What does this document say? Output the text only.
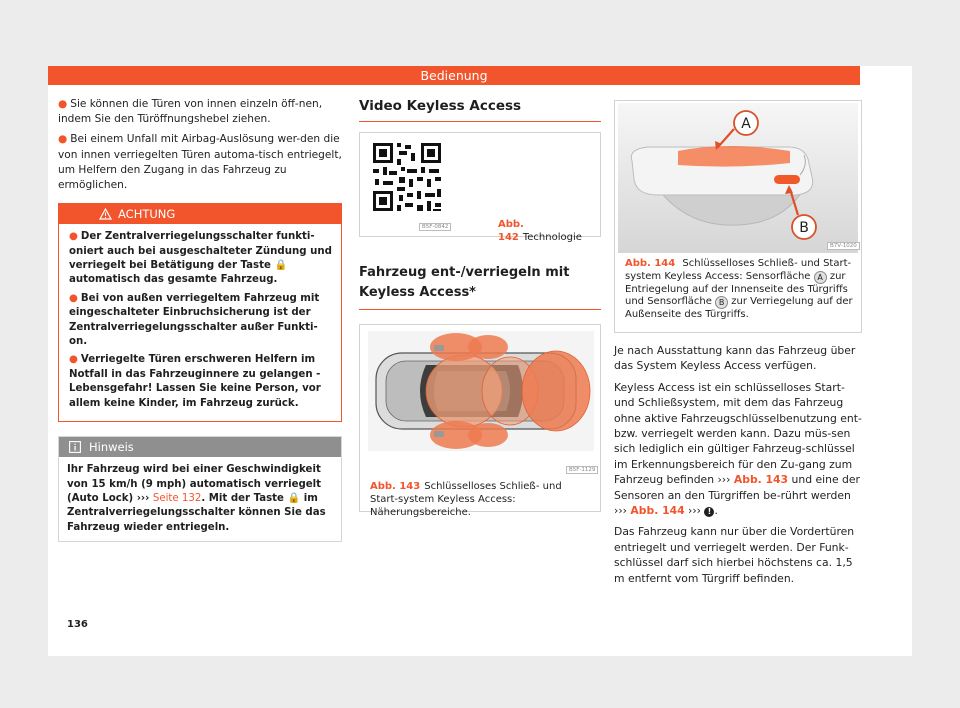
Bedienung

● Sie können die Türen von innen einzeln öff-nen, indem Sie den Türöffnungshebel ziehen.

● Bei einem Unfall mit Airbag-Auslösung wer-den die von innen verriegelten Türen automa-tisch entriegelt, um Helfern den Zugang in das Fahrzeug zu ermöglichen.

ACHTUNG
● Der Zentralverriegelungsschalter funkti-oniert auch bei ausgeschalteter Zündung und verriegelt bei Betätigung der Taste 🔒 automatisch das gesamte Fahrzeug.
● Bei von außen verriegeltem Fahrzeug mit eingeschalteter Einbruchsicherung ist der Zentralverriegelungsschalter außer Funkti-on.
● Verriegelte Türen erschweren Helfern im Notfall in das Fahrzeuginnere zu gelangen - Lebensgefahr! Lassen Sie keine Person, vor allem keine Kinder, im Fahrzeug zurück.
Hinweis
Ihr Fahrzeug wird bei einer Geschwindigkeit von 15 km/h (9 mph) automatisch verriegelt (Auto Lock) ››› Seite 132. Mit der Taste 🔒 im Zentralverriegelungsschalter können Sie das Fahrzeug wieder entriegeln.
Video Keyless Access
B5F-0842	Abb. 142 Technologie
Fahrzeug ent-/verriegeln mit Keyless Access*
B5F-1129
Abb. 143 Schlüsselloses Schließ- und Start-system Keyless Access: Näherungsbereiche.
A
B
B7V-1020
Abb. 144 Schlüsselloses Schließ- und Start-system Keyless Access: Sensorfläche A zur Entriegelung auf der Innenseite des Türgriffs und Sensorfläche B zur Verriegelung auf der Außenseite des Türgriffs.

Je nach Ausstattung kann das Fahrzeug über das System Keyless Access verfügen.

Keyless Access ist ein schlüsselloses Start- und Schließsystem, mit dem das Fahrzeug ohne aktive Fahrzeugschlüsselbenutzung ent- bzw. verriegelt werden kann. Dazu müs-sen sich lediglich ein gültiger Fahrzeug-schlüssel im Erkennungsbereich für den Zu-gang zum Fahrzeug befinden ››› Abb. 143 und eine der Sensoren an den Türgriffen be-rührt werden ››› Abb. 144 ››› ! .

Das Fahrzeug kann nur über die Vordertüren entriegelt und verriegelt werden. Der Funk-schlüssel darf sich hierbei höchstens ca. 1,5 m entfernt vom Türgriff befinden.

136
